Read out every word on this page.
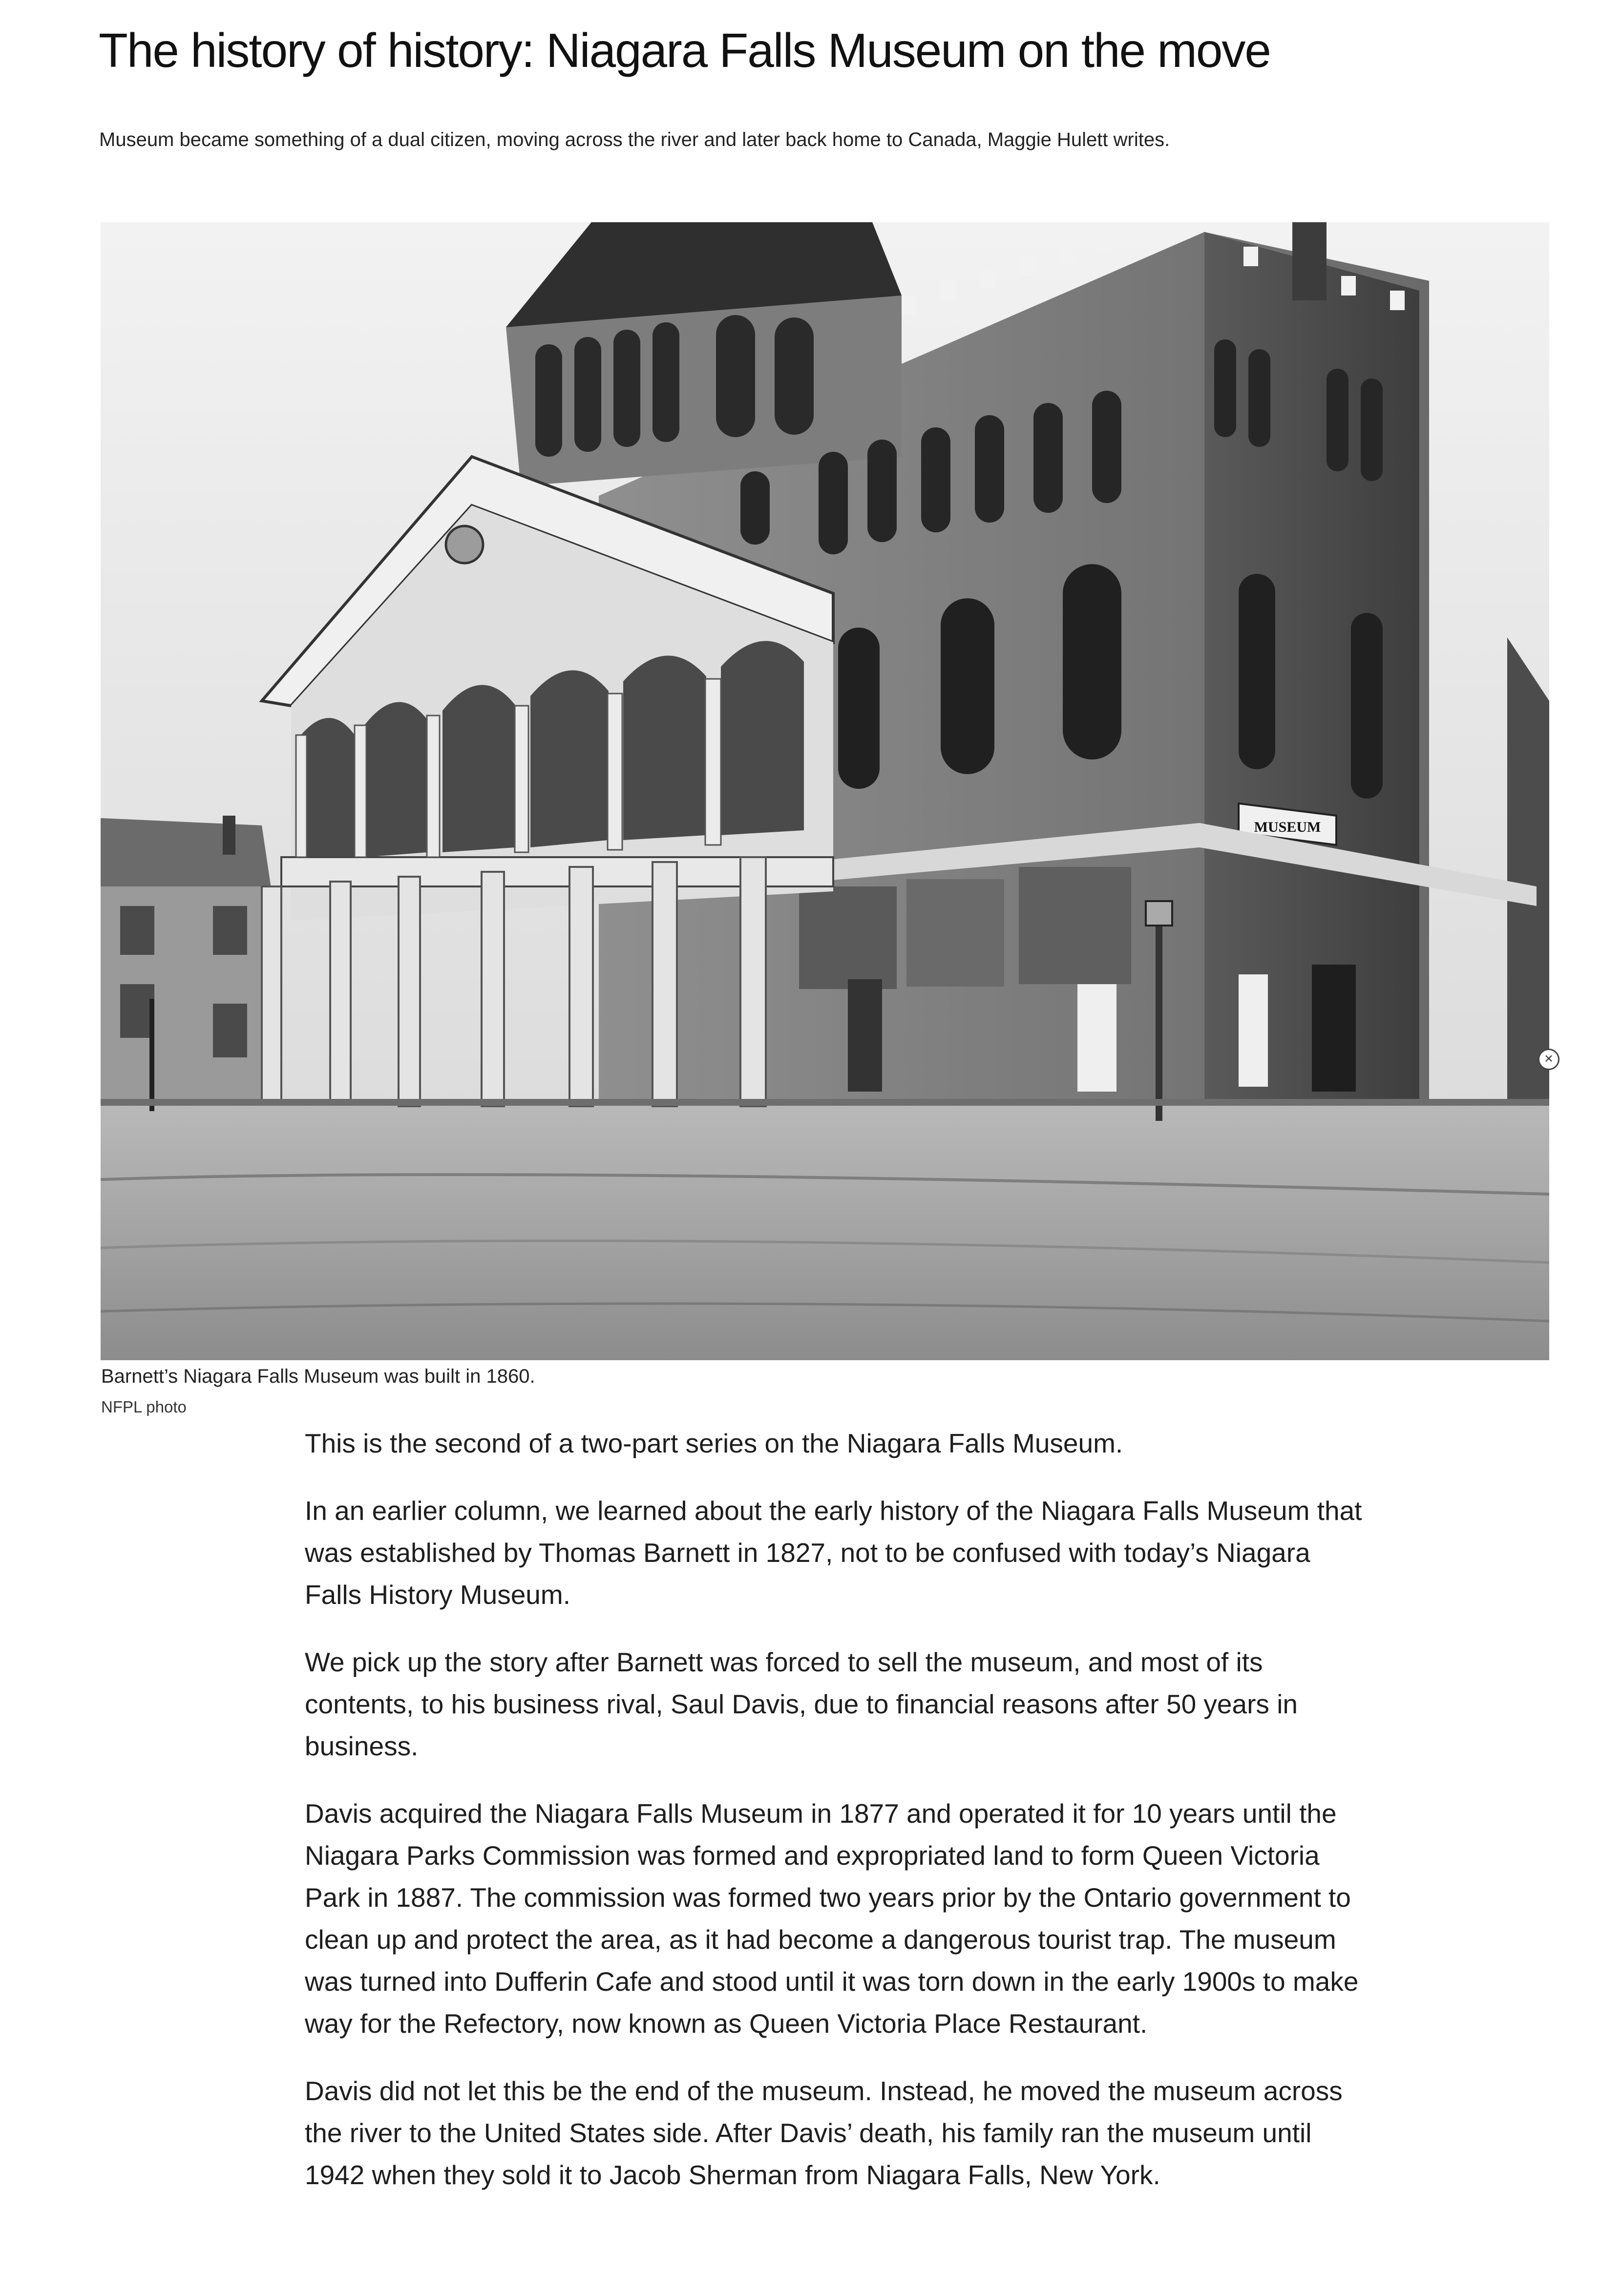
The history of history: Niagara Falls Museum on the move

Museum became something of a dual citizen, moving across the river and later back home to Canada, Maggie Hulett writes.

MUSEUM
×

Barnett’s Niagara Falls Museum was built in 1860.

NFPL photo

This is the second of a two-part series on the Niagara Falls Museum.

In an earlier column, we learned about the early history of the Niagara Falls Museum that was established by Thomas Barnett in 1827, not to be confused with today’s Niagara Falls History Museum.

We pick up the story after Barnett was forced to sell the museum, and most of its contents, to his business rival, Saul Davis, due to financial reasons after 50 years in business.

Davis acquired the Niagara Falls Museum in 1877 and operated it for 10 years until the Niagara Parks Commission was formed and expropriated land to form Queen Victoria Park in 1887. The commission was formed two years prior by the Ontario government to clean up and protect the area, as it had become a dangerous tourist trap. The museum was turned into Dufferin Cafe and stood until it was torn down in the early 1900s to make way for the Refectory, now known as Queen Victoria Place Restaurant.

Davis did not let this be the end of the museum. Instead, he moved the museum across the river to the United States side. After Davis’ death, his family ran the museum until 1942 when they sold it to Jacob Sherman from Niagara Falls, New York.
